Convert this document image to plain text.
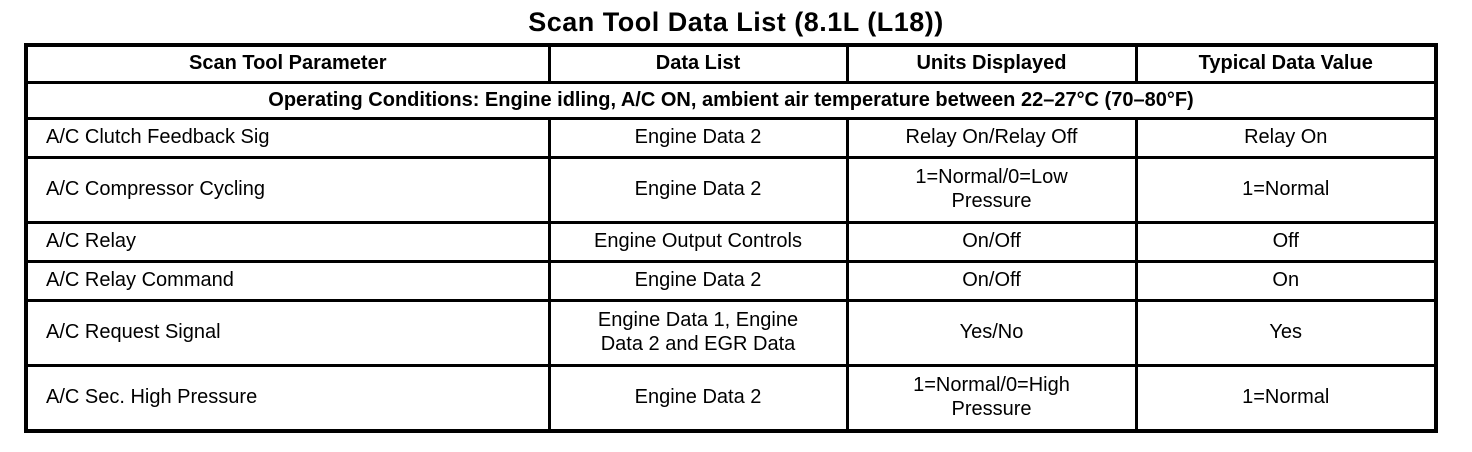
Scan Tool Data List (8.1L (L18))
Scan Tool Parameter	Data List	Units Displayed	Typical Data Value
Operating Conditions: Engine idling, A/C ON, ambient air temperature between 22–27°C (70–80°F)			
A/C Clutch Feedback Sig	Engine Data 2	Relay On/Relay Off	Relay On
A/C Compressor Cycling	Engine Data 2	1=Normal/0=Low Pressure	1=Normal
A/C Relay	Engine Output Controls	On/Off	Off
A/C Relay Command	Engine Data 2	On/Off	On
A/C Request Signal	Engine Data 1, Engine Data 2 and EGR Data	Yes/No	Yes
A/C Sec. High Pressure	Engine Data 2	1=Normal/0=High Pressure	1=Normal
